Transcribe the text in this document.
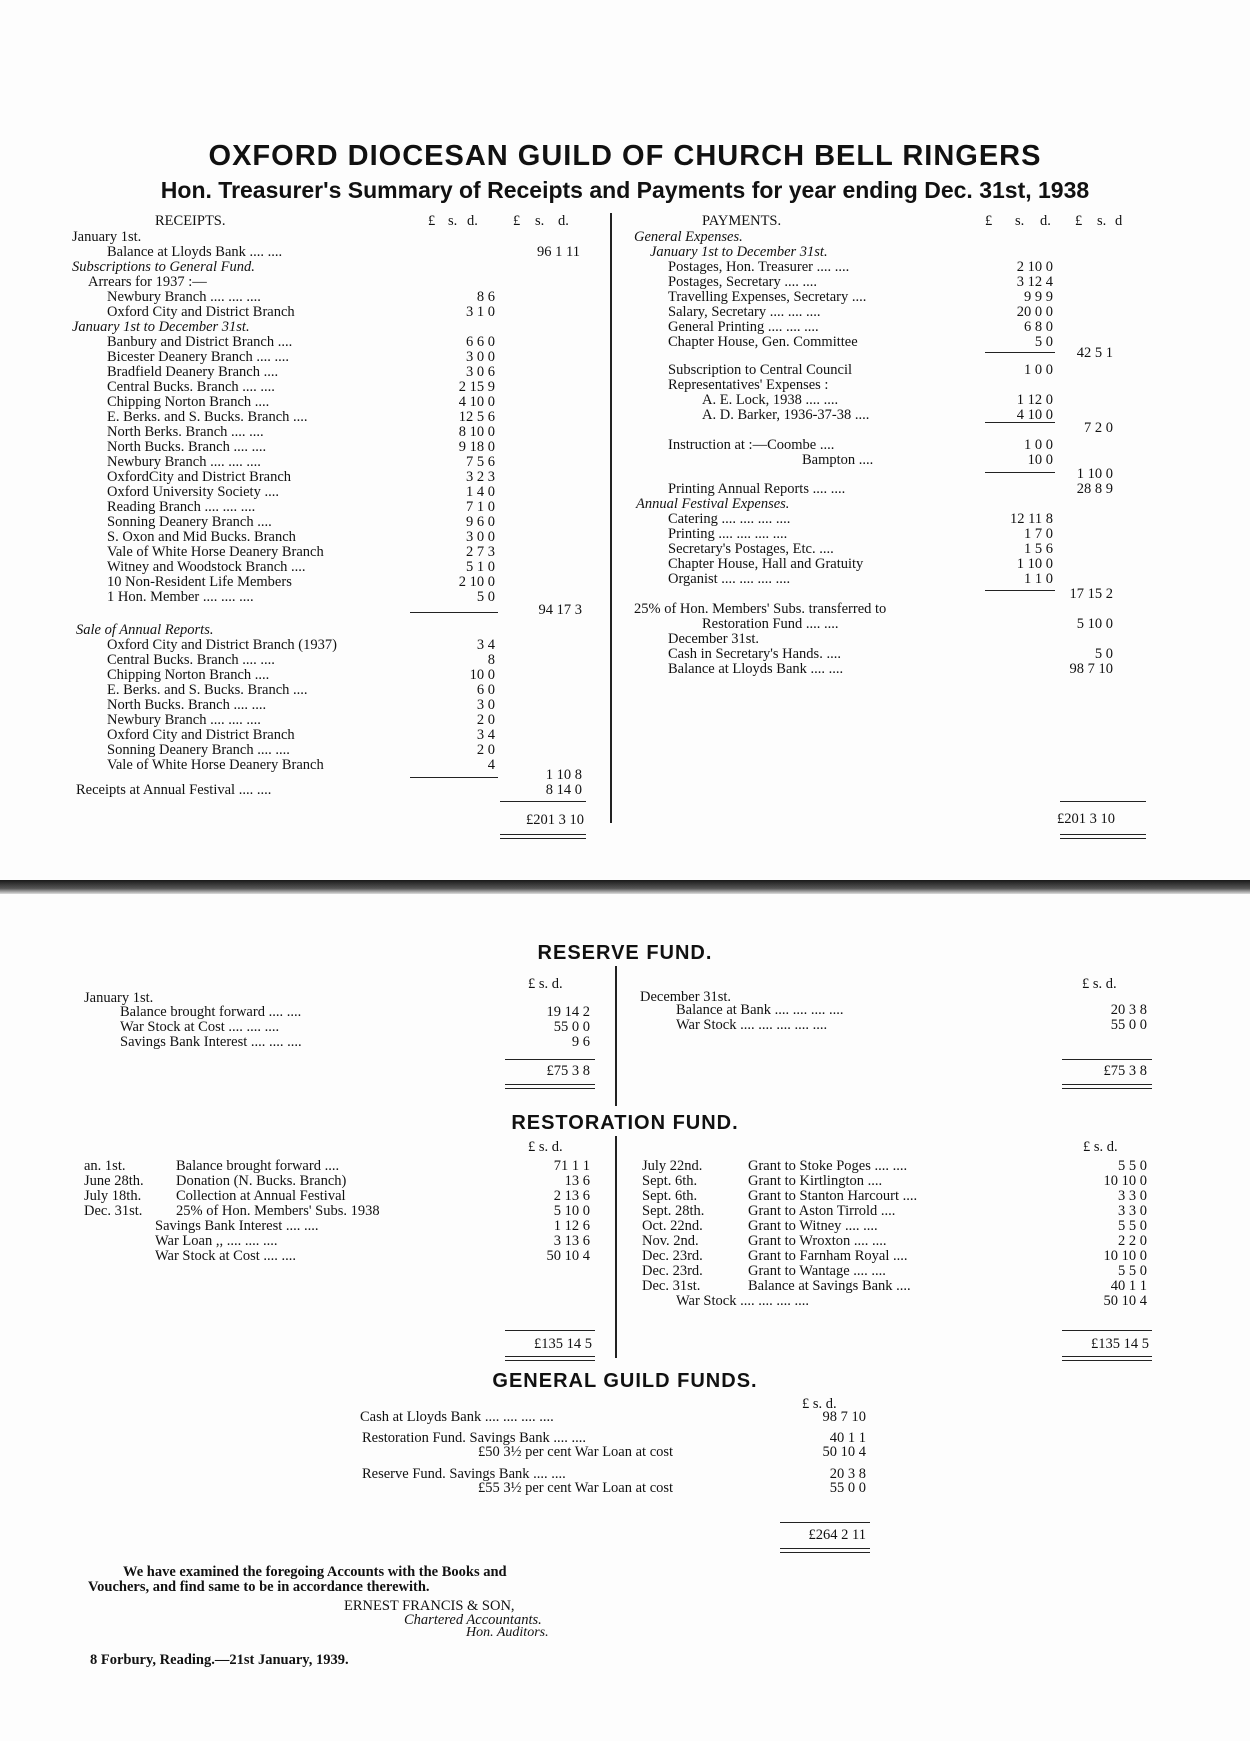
OXFORD DIOCESAN GUILD OF CHURCH BELL RINGERS
Hon. Treasurer's Summary of Receipts and Payments for year ending Dec. 31st, 1938
RECEIPTS.	£ s. d. £ s. d.
January 1st.
Balance at Lloyds Bank .... ....	96 1 11
Subscriptions to General Fund.
Arrears for 1937 :—
Newbury Branch .... .... ....	8 6
Oxford City and District Branch	3 1 0
January 1st to December 31st.
Banbury and District Branch ....	6 6 0
Bicester Deanery Branch .... ....	3 0 0
Bradfield Deanery Branch ....	3 0 6
Central Bucks. Branch .... ....	2 15 9
Chipping Norton Branch ....	4 10 0
E. Berks. and S. Bucks. Branch ....	12 5 6
North Berks. Branch .... ....	8 10 0
North Bucks. Branch .... ....	9 18 0
Newbury Branch .... .... ....	7 5 6
OxfordCity and District Branch	3 2 3
Oxford University Society ....	1 4 0
Reading Branch .... .... ....	7 1 0
Sonning Deanery Branch ....	9 6 0
S. Oxon and Mid Bucks. Branch	3 0 0
Vale of White Horse Deanery Branch	2 7 3
Witney and Woodstock Branch ....	5 1 0
10 Non-Resident Life Members	2 10 0
1 Hon. Member .... .... ....	5 0
94 17 3
Sale of Annual Reports.
Oxford City and District Branch (1937)	3 4
Central Bucks. Branch .... ....	8
Chipping Norton Branch ....	10 0
E. Berks. and S. Bucks. Branch ....	6 0
North Bucks. Branch .... ....	3 0
Newbury Branch .... .... ....	2 0
Oxford City and District Branch	3 4
Sonning Deanery Branch .... ....	2 0
Vale of White Horse Deanery Branch	4
1 10 8
Receipts at Annual Festival .... ....	8 14 0
£201 3 10
PAYMENTS.	£ s. d. £ s. d
General Expenses.
January 1st to December 31st.
Postages, Hon. Treasurer .... ....	2 10 0
Postages, Secretary .... ....	3 12 4
Travelling Expenses, Secretary ....	9 9 9
Salary, Secretary .... .... ....	20 0 0
General Printing .... .... ....	6 8 0
Chapter House, Gen. Committee	5 0
42 5 1
Subscription to Central Council	1 0 0
Representatives' Expenses :
A. E. Lock, 1938 .... ....	1 12 0
A. D. Barker, 1936-37-38 ....	4 10 0
7 2 0
Instruction at :—Coombe ....	1 0 0
Bampton ....	10 0
1 10 0
Printing Annual Reports .... ....	28 8 9
Annual Festival Expenses.
Catering .... .... .... ....	12 11 8
Printing .... .... .... ....	1 7 0
Secretary's Postages, Etc. ....	1 5 6
Chapter House, Hall and Gratuity	1 10 0
Organist .... .... .... ....	1 1 0
17 15 2
25% of Hon. Members' Subs. transferred to
Restoration Fund .... ....	5 10 0
December 31st.
Cash in Secretary's Hands. ....	5 0
Balance at Lloyds Bank .... ....	98 7 10
£201 3 10
RESERVE FUND.
£ s. d.	£ s. d.
January 1st.
Balance brought forward .... ....	19 14 2
War Stock at Cost .... .... ....	55 0 0
Savings Bank Interest .... .... ....	9 6
£75 3 8
December 31st.
Balance at Bank .... .... .... ....	20 3 8
War Stock .... .... .... .... ....	55 0 0
£75 3 8
RESTORATION FUND.
£ s. d.	£ s. d.
an. 1st.	Balance brought forward ....	71 1 1
June 28th. Donation (N. Bucks. Branch)	13 6
July 18th. Collection at Annual Festival	2 13 6
Dec. 31st. 25% of Hon. Members' Subs. 1938	5 10 0
Savings Bank Interest .... ....	1 12 6
War Loan ,, .... .... ....	3 13 6
War Stock at Cost .... ....	50 10 4
£135 14 5
July 22nd.	Grant to Stoke Poges .... ....	5 5 0
Sept. 6th.	Grant to Kirtlington ....	10 10 0
Sept. 6th.	Grant to Stanton Harcourt ....	3 3 0
Sept. 28th.	Grant to Aston Tirrold ....	3 3 0
Oct. 22nd.	Grant to Witney .... ....	5 5 0
Nov. 2nd.	Grant to Wroxton .... ....	2 2 0
Dec. 23rd.	Grant to Farnham Royal ....	10 10 0
Dec. 23rd.	Grant to Wantage .... ....	5 5 0
Dec. 31st.	Balance at Savings Bank ....	40 1 1
War Stock .... .... .... ....	50 10 4
£135 14 5
GENERAL GUILD FUNDS.
£ s. d.
Cash at Lloyds Bank .... .... .... ....	98 7 10
Restoration Fund. Savings Bank .... ....	40 1 1
£50 3½ per cent War Loan at cost	50 10 4
Reserve Fund. Savings Bank .... ....	20 3 8
£55 3½ per cent War Loan at cost	55 0 0
£264 2 11
We have examined the foregoing Accounts with the Books and
Vouchers, and find same to be in accordance therewith.
ERNEST FRANCIS & SON,
Chartered Accountants.
Hon. Auditors.
8 Forbury, Reading.—21st January, 1939.
